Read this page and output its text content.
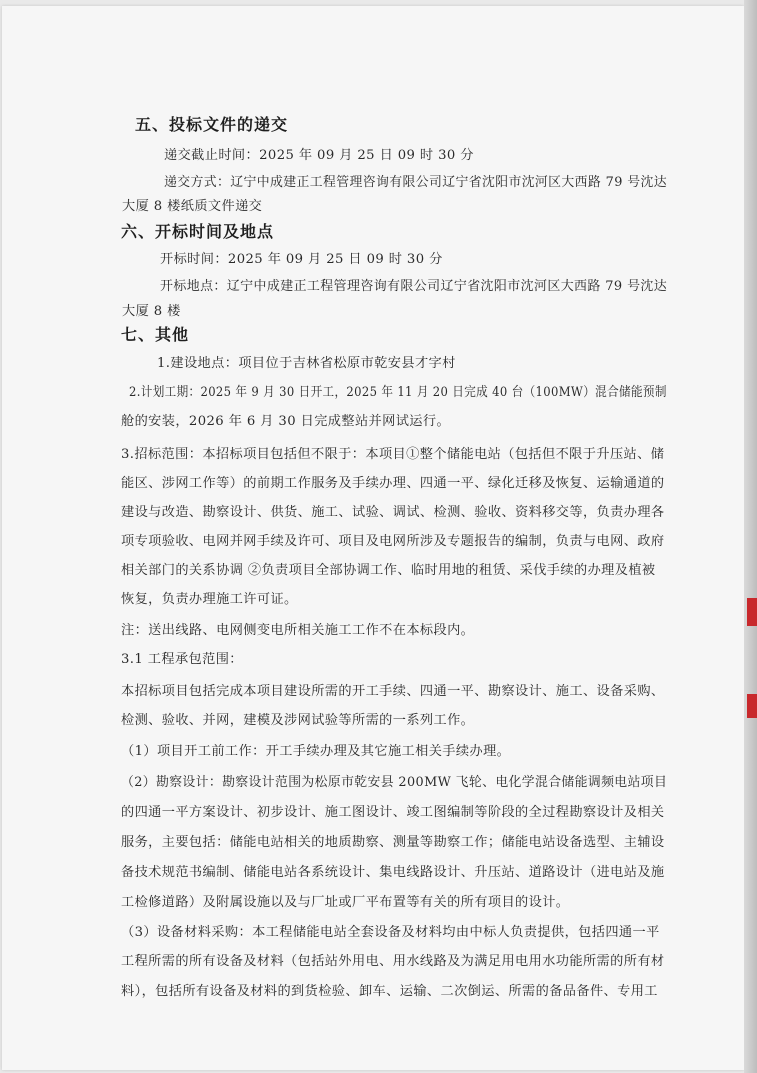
五、投标文件的递交
递交截止时间：2025 年 09 月 25 日 09 时 30 分
递交方式：辽宁中成建正工程管理咨询有限公司辽宁省沈阳市沈河区大西路 79 号沈达
大厦 8 楼纸质文件递交
六、开标时间及地点
开标时间：2025 年 09 月 25 日 09 时 30 分
开标地点：辽宁中成建正工程管理咨询有限公司辽宁省沈阳市沈河区大西路 79 号沈达
大厦 8 楼
七、其他
1.建设地点：项目位于吉林省松原市乾安县才字村
2.计划工期：2025 年 9 月 30 日开工，2025 年 11 月 20 日完成 40 台（100MW）混合储能预制
舱的安装，2026 年 6 月 30 日完成整站并网试运行。
3.招标范围：本招标项目包括但不限于：本项目①整个储能电站（包括但不限于升压站、储
能区、涉网工作等）的前期工作服务及手续办理、四通一平、绿化迁移及恢复、运输通道的
建设与改造、勘察设计、供货、施工、试验、调试、检测、验收、资料移交等，负责办理各
项专项验收、电网并网手续及许可、项目及电网所涉及专题报告的编制，负责与电网、政府
相关部门的关系协调 ②负责项目全部协调工作、临时用地的租赁、采伐手续的办理及植被
恢复，负责办理施工许可证。
注：送出线路、电网侧变电所相关施工工作不在本标段内。
3.1 工程承包范围：
本招标项目包括完成本项目建设所需的开工手续、四通一平、勘察设计、施工、设备采购、
检测、验收、并网，建模及涉网试验等所需的一系列工作。
（1）项目开工前工作：开工手续办理及其它施工相关手续办理。
（2）勘察设计：勘察设计范围为松原市乾安县 200MW 飞轮、电化学混合储能调频电站项目
的四通一平方案设计、初步设计、施工图设计、竣工图编制等阶段的全过程勘察设计及相关
服务，主要包括：储能电站相关的地质勘察、测量等勘察工作；储能电站设备选型、主辅设
备技术规范书编制、储能电站各系统设计、集电线路设计、升压站、道路设计（进电站及施
工检修道路）及附属设施以及与厂址或厂平布置等有关的所有项目的设计。
（3）设备材料采购：本工程储能电站全套设备及材料均由中标人负责提供，包括四通一平
工程所需的所有设备及材料（包括站外用电、用水线路及为满足用电用水功能所需的所有材
料），包括所有设备及材料的到货检验、卸车、运输、二次倒运、所需的备品备件、专用工
